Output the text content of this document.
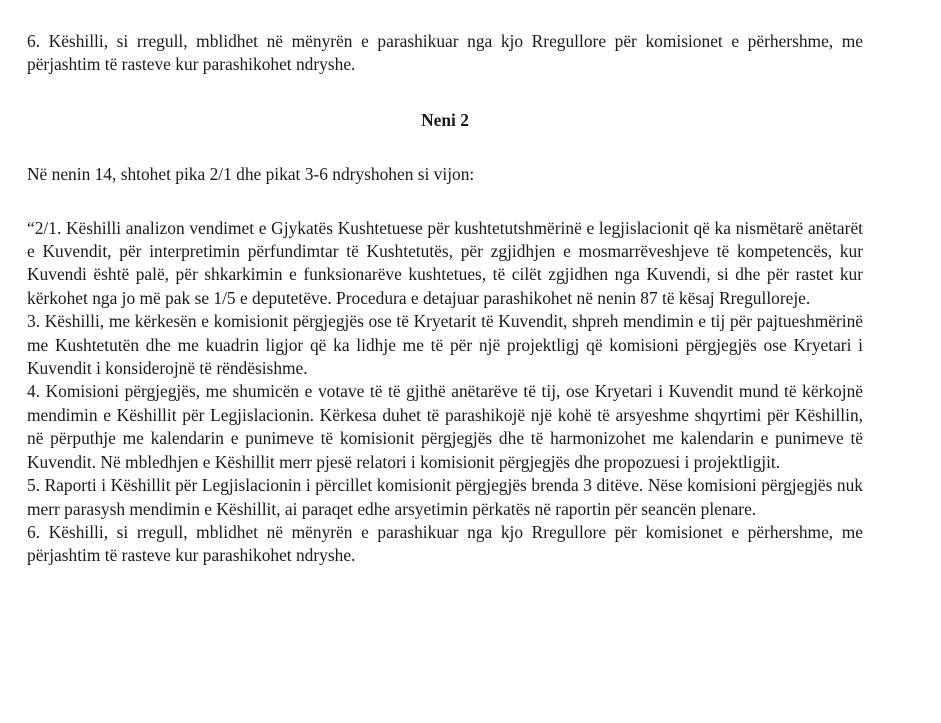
6. Këshilli, si rregull, mblidhet në mënyrën e parashikuar nga kjo Rregullore për komisionet e përhershme, me përjashtim të rasteve kur parashikohet ndryshe.

Neni 2

Në nenin 14, shtohet pika 2/1 dhe pikat 3-6 ndryshohen si vijon:

“2/1. Këshilli analizon vendimet e Gjykatës Kushtetuese për kushtetutshmërinë e legjislacionit që ka nismëtarë anëtarët e Kuvendit, për interpretimin përfundimtar të Kushtetutës, për zgjidhjen e mosmarrëveshjeve të kompetencës, kur Kuvendi është palë, për shkarkimin e funksionarëve kushtetues, të cilët zgjidhen nga Kuvendi, si dhe për rastet kur kërkohet nga jo më pak se 1/5 e deputetëve. Procedura e detajuar parashikohet në nenin 87 të kësaj Rregulloreje.

3. Këshilli, me kërkesën e komisionit përgjegjës ose të Kryetarit të Kuvendit, shpreh mendimin e tij për pajtueshmërinë me Kushtetutën dhe me kuadrin ligjor që ka lidhje me të për një projektligj që komisioni përgjegjës ose Kryetari i Kuvendit i konsiderojnë të rëndësishme.

4. Komisioni përgjegjës, me shumicën e votave të të gjithë anëtarëve të tij, ose Kryetari i Kuvendit mund të kërkojnë mendimin e Këshillit për Legjislacionin. Kërkesa duhet të parashikojë një kohë të arsyeshme shqyrtimi për Këshillin, në përputhje me kalendarin e punimeve të komisionit përgjegjës dhe të harmonizohet me kalendarin e punimeve të Kuvendit. Në mbledhjen e Këshillit merr pjesë relatori i komisionit përgjegjës dhe propozuesi i projektligjit.

5. Raporti i Këshillit për Legjislacionin i përcillet komisionit përgjegjës brenda 3 ditëve. Nëse komisioni përgjegjës nuk merr parasysh mendimin e Këshillit, ai paraqet edhe arsyetimin përkatës në raportin për seancën plenare.

6. Këshilli, si rregull, mblidhet në mënyrën e parashikuar nga kjo Rregullore për komisionet e përhershme, me përjashtim të rasteve kur parashikohet ndryshe.
